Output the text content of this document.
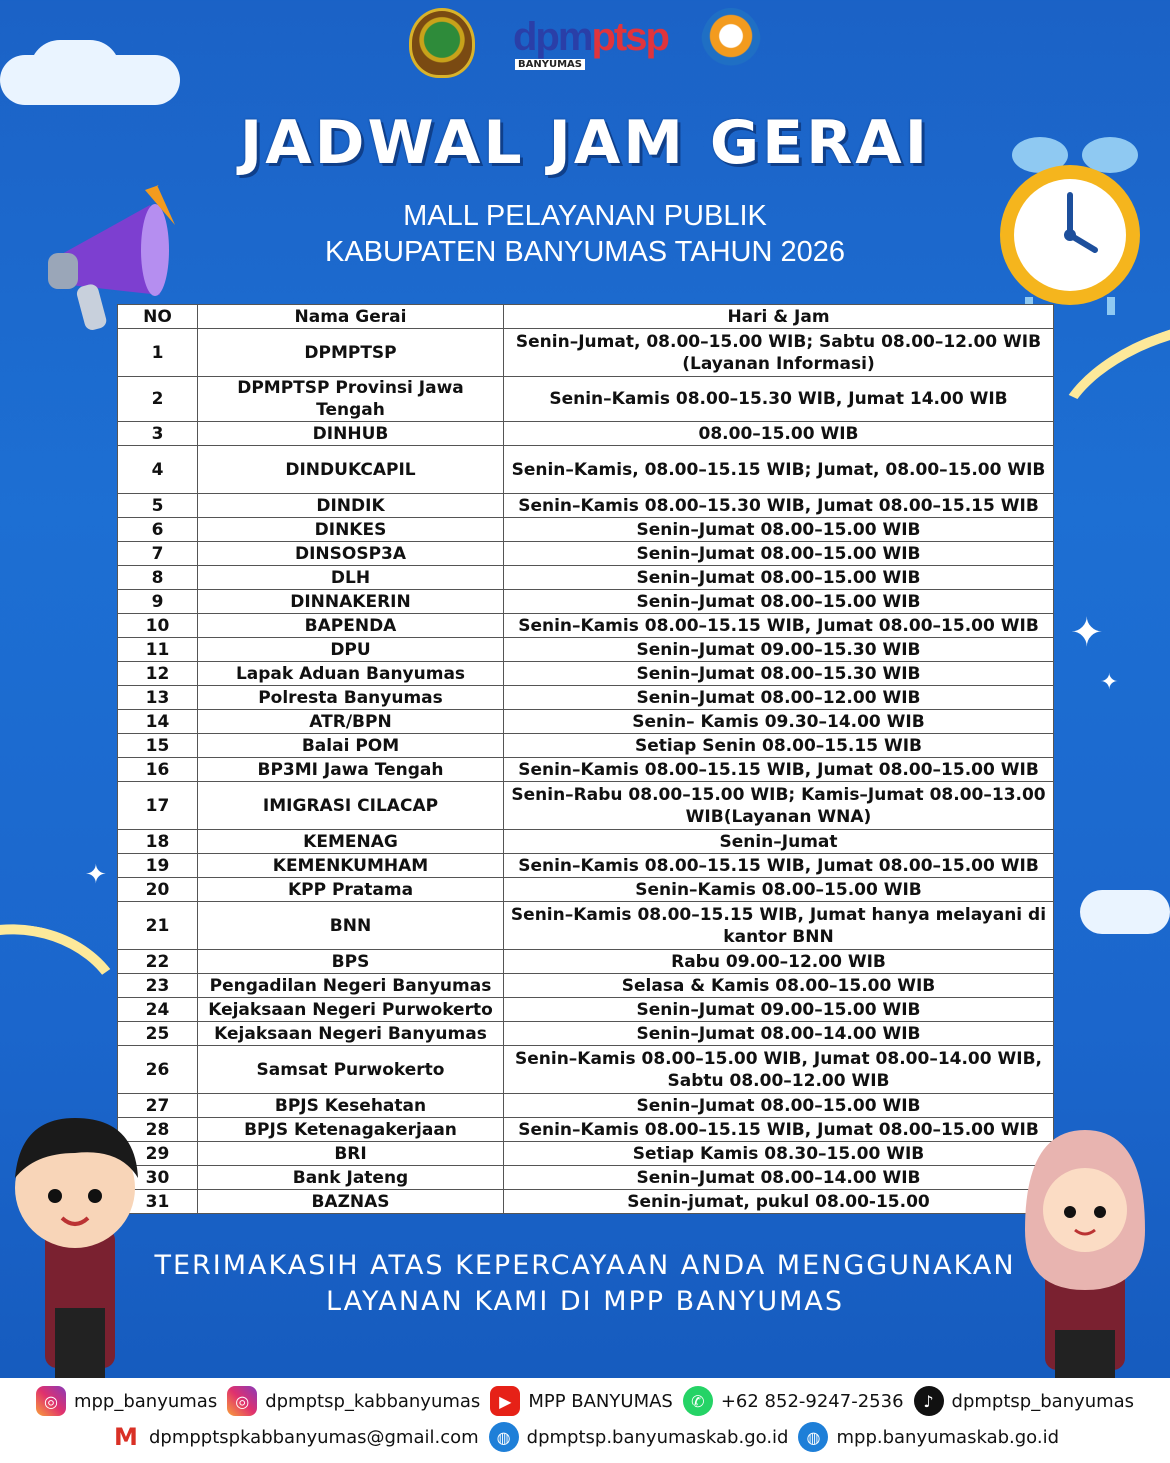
✦
✦
✦
dpmptsp
BANYUMAS
JADWAL JAM GERAI
MALL PELAYANAN PUBLIK
KABUPATEN BANYUMAS TAHUN 2026
NO	Nama Gerai	Hari & Jam
1	DPMPTSP	Senin–Jumat, 08.00–15.00 WIB; Sabtu 08.00–12.00 WIB (Layanan Informasi)
2	DPMPTSP Provinsi Jawa Tengah	Senin–Kamis 08.00–15.30 WIB, Jumat 14.00 WIB
3	DINHUB	08.00–15.00 WIB
4	DINDUKCAPIL	Senin–Kamis, 08.00–15.15 WIB; Jumat, 08.00–15.00 WIB
5	DINDIK	Senin–Kamis 08.00–15.30 WIB, Jumat 08.00–15.15 WIB
6	DINKES	Senin–Jumat 08.00–15.00 WIB
7	DINSOSP3A	Senin–Jumat 08.00–15.00 WIB
8	DLH	Senin–Jumat 08.00–15.00 WIB
9	DINNAKERIN	Senin–Jumat 08.00–15.00 WIB
10	BAPENDA	Senin–Kamis 08.00–15.15 WIB, Jumat 08.00–15.00 WIB
11	DPU	Senin–Jumat 09.00–15.30 WIB
12	Lapak Aduan Banyumas	Senin–Jumat 08.00–15.30 WIB
13	Polresta Banyumas	Senin–Jumat 08.00–12.00 WIB
14	ATR/BPN	Senin– Kamis 09.30–14.00 WIB
15	Balai POM	Setiap Senin 08.00–15.15 WIB
16	BP3MI Jawa Tengah	Senin–Kamis 08.00–15.15 WIB, Jumat 08.00–15.00 WIB
17	IMIGRASI CILACAP	Senin–Rabu 08.00–15.00 WIB; Kamis–Jumat 08.00–13.00 WIB(Layanan WNA)
18	KEMENAG	Senin–Jumat
19	KEMENKUMHAM	Senin–Kamis 08.00–15.15 WIB, Jumat 08.00–15.00 WIB
20	KPP Pratama	Senin–Kamis 08.00–15.00 WIB
21	BNN	Senin–Kamis 08.00–15.15 WIB, Jumat hanya melayani di kantor BNN
22	BPS	Rabu 09.00–12.00 WIB
23	Pengadilan Negeri Banyumas	Selasa & Kamis 08.00–15.00 WIB
24	Kejaksaan Negeri Purwokerto	Senin–Jumat 09.00–15.00 WIB
25	Kejaksaan Negeri Banyumas	Senin–Jumat 08.00–14.00 WIB
26	Samsat Purwokerto	Senin–Kamis 08.00–15.00 WIB, Jumat 08.00–14.00 WIB, Sabtu 08.00–12.00 WIB
27	BPJS Kesehatan	Senin–Jumat 08.00–15.00 WIB
28	BPJS Ketenagakerjaan	Senin–Kamis 08.00–15.15 WIB, Jumat 08.00–15.00 WIB
29	BRI	Setiap Kamis 08.30–15.00 WIB
30	Bank Jateng	Senin–Jumat 08.00–14.00 WIB
31	BAZNAS	Senin-jumat, pukul 08.00-15.00
TERIMAKASIH ATAS KEPERCAYAAN ANDA MENGGUNAKAN
LAYANAN KAMI DI MPP BANYUMAS
◎ mpp_banyumas	◎ dpmptsp_kabbanyumas	▶ MPP BANYUMAS	✆ +62 852-9247-2536	♪ dpmptsp_banyumas
M dpmpptspkabbanyumas@gmail.com	◍ dpmptsp.banyumaskab.go.id	◍ mpp.banyumaskab.go.id
